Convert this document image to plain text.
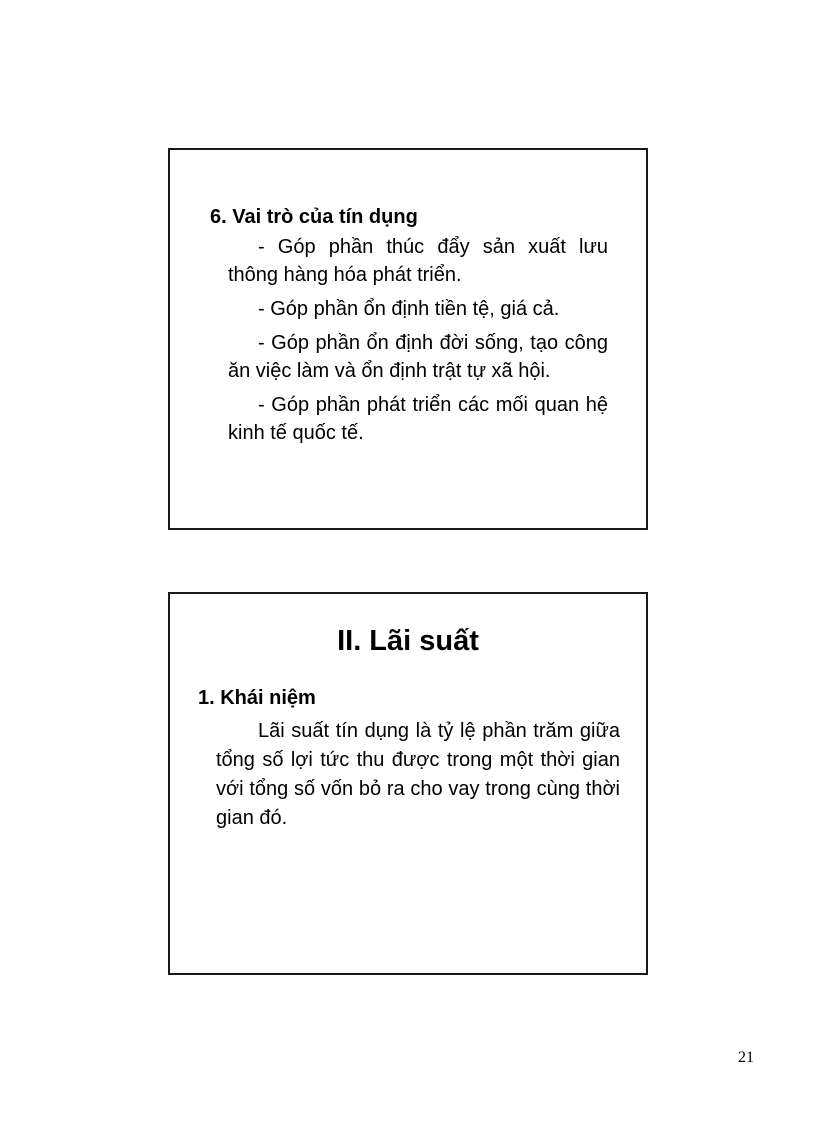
6. Vai trò của tín dụng

- Góp phần thúc đẩy sản xuất lưu thông hàng hóa phát triển.

- Góp phần ổn định tiền tệ, giá cả.

- Góp phần ổn định đời sống, tạo công ăn việc làm và ổn định trật tự xã hội.

- Góp phần phát triển các mối quan hệ kinh tế quốc tế.

II. Lãi suất
1. Khái niệm

Lãi suất tín dụng là tỷ lệ phần trăm giữa tổng số lợi tức thu được trong một thời gian với tổng số vốn bỏ ra cho vay trong cùng thời gian đó.

21
